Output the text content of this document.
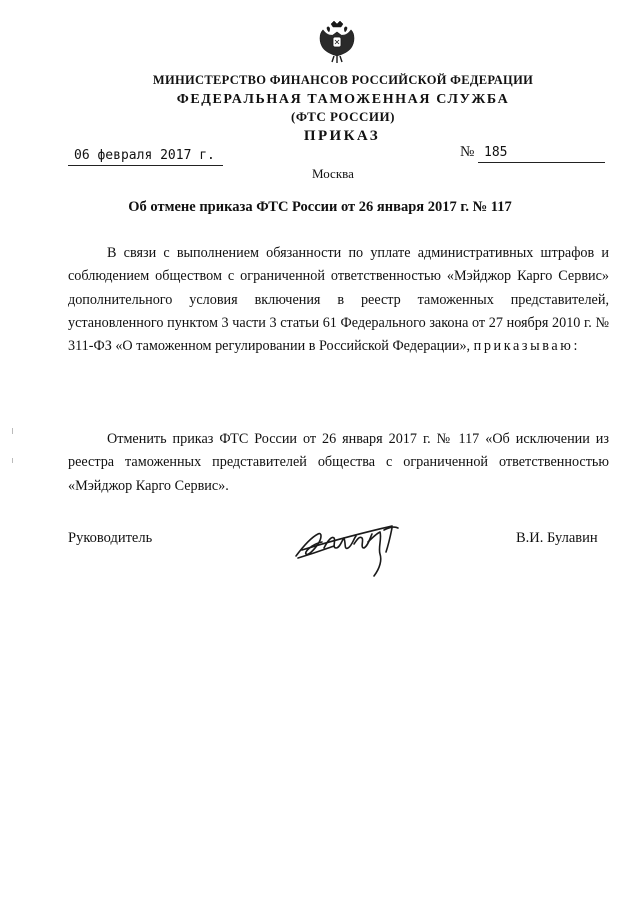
МИНИСТЕРСТВО ФИНАНСОВ РОССИЙСКОЙ ФЕДЕРАЦИИ
ФЕДЕРАЛЬНАЯ ТАМОЖЕННАЯ СЛУЖБА
(ФТС РОССИИ)
ПРИКАЗ
06 февраля 2017 г.	№ 185
Москва
Об отмене приказа ФТС России от 26 января 2017 г. № 117

В связи с выполнением обязанности по уплате административных штрафов и соблюдением обществом с ограниченной ответственностью «Мэйджор Карго Сервис» дополнительного условия включения в реестр таможенных представителей, установленного пунктом 3 части 3 статьи 61 Федерального закона от 27 ноября 2010 г. № 311-ФЗ «О таможенном регулировании в Российской Федерации», приказываю:

Отменить приказ ФТС России от 26 января 2017 г. № 117 «Об исключении из реестра таможенных представителей общества с ограниченной ответственностью «Мэйджор Карго Сервис».

Руководитель	В.И. Булавин
